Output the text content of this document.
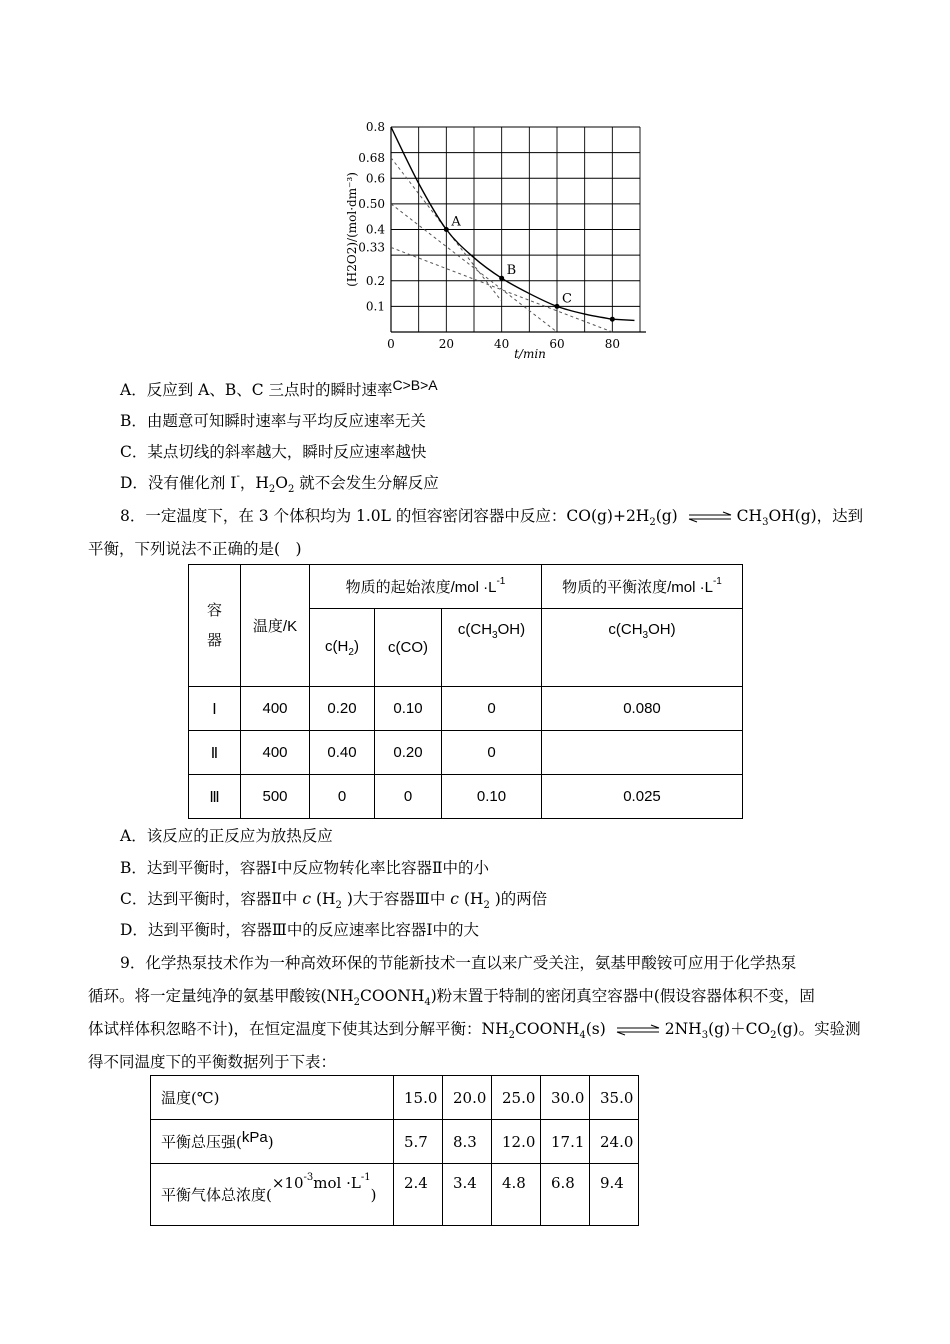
0.8
0.68
0.6
0.50
0.4
0.33
0.2
0.1
0	20	40	60	80
A
B
C
(H2O2)/(mol·dm⁻³)
t/min
A．反应到 A、B、C 三点时的瞬时速率C>B>A
B．由题意可知瞬时速率与平均反应速率无关
C．某点切线的斜率越大，瞬时反应速率越快
D．没有催化剂 I-，$H_2O_2$ 就不会发生分解反应
8．一定温度下，在 3 个体积均为 1.0L 的恒容密闭容器中反应：$CO(g)+2H_2(g)$ ⇌ $CH_3OH(g)$，达到
平衡，下列说法不正确的是(　)
容器	温度/K	物质的起始浓度$/mol \cdot L^{-1}$			物质的平衡浓度$/mol \cdot L^{-1}$
		$c(H_2)$	c(CO)	$c(CH_3OH)$	$c(CH_3OH)$
Ⅰ	400	0.20	0.10	0	0.080
Ⅱ	400	0.40	0.20	0	
Ⅲ	500	0	0	0.10	0.025
A．该反应的正反应为放热反应
B．达到平衡时，容器Ⅰ中反应物转化率比容器Ⅱ中的小
C．达到平衡时，容器Ⅱ中 c ($H_2$ )大于容器Ⅲ中 c ($H_2$ )的两倍
D．达到平衡时，容器Ⅲ中的反应速率比容器Ⅰ中的大
9．化学热泵技术作为一种高效环保的节能新技术一直以来广受关注，氨基甲酸铵可应用于化学热泵
循环。将一定量纯净的氨基甲酸铵$(NH_2COONH_4)$粉末置于特制的密闭真空容器中(假设容器体积不变，固
体试样体积忽略不计)，在恒定温度下使其达到分解平衡：$NH_2COONH_4(s)$ ⇌ $2NH_3(g)+CO_2(g)$。实验测
得不同温度下的平衡数据列于下表：
温度(℃)	15.0	20.0	25.0	30.0	35.0
平衡总压强(kPa)	5.7	8.3	12.0	17.1	24.0
平衡气体总浓度$(\times 10^{-3}mol \cdot L^{-1})$	2.4	3.4	4.8	6.8	9.4
